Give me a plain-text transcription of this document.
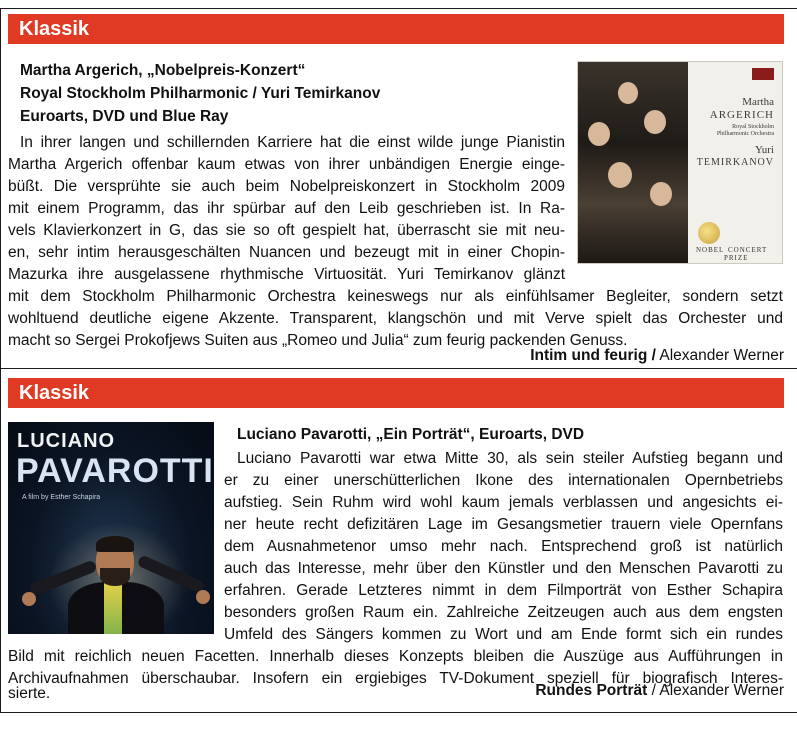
Klassik
Martha Argerich, „Nobelpreis-Konzert“
Royal Stockholm Philharmonic / Yuri Temirkanov
Euroarts, DVD und Blue Ray
In ihrer langen und schillernden Karriere hat die einst wilde junge Pianistin
Martha Argerich offenbar kaum etwas von ihrer unbändigen Energie einge-
büßt. Die versprühte sie auch beim Nobelpreiskonzert in Stockholm 2009
mit einem Programm, das ihr spürbar auf den Leib geschrieben ist. In Ra-
vels Klavierkonzert in G, das sie so oft gespielt hat, überrascht sie mit neu-
en, sehr intim herausgeschälten Nuancen und bezeugt mit in einer Chopin-
Mazurka ihre ausgelassene rhythmische Virtuosität. Yuri Temirkanov glänzt
mit dem Stockholm Philharmonic Orchestra keineswegs nur als einfühlsamer Begleiter, sondern setzt
wohltuend deutliche eigene Akzente. Transparent, klangschön und mit Verve spielt das Orchester und
macht so Sergei Prokofjews Suiten aus „Romeo und Julia“ zum feurig packenden Genuss.
Intim und feurig / Alexander Werner
Martha
ARGERICH
Royal Stockholm
Philharmonic Orchestra
Yuri
TEMIRKANOV
NOBEL
PRIZE
CONCERT
Klassik
LUCIANO
PAVAROTTI
A film by Esther Schapira
Luciano Pavarotti, „Ein Porträt“, Euroarts, DVD
Luciano Pavarotti war etwa Mitte 30, als sein steiler Aufstieg begann und
er zu einer unerschütterlichen Ikone des internationalen Opernbetriebs
aufstieg. Sein Ruhm wird wohl kaum jemals verblassen und angesichts ei-
ner heute recht defizitären Lage im Gesangsmetier trauern viele Opernfans
dem Ausnahmetenor umso mehr nach. Entsprechend groß ist natürlich
auch das Interesse, mehr über den Künstler und den Menschen Pavarotti zu
erfahren. Gerade Letzteres nimmt in dem Filmporträt von Esther Schapira
besonders großen Raum ein. Zahlreiche Zeitzeugen auch aus dem engsten
Umfeld des Sängers kommen zu Wort und am Ende formt sich ein rundes
Bild mit reichlich neuen Facetten. Innerhalb dieses Konzepts bleiben die Auszüge aus Aufführungen in
Archivaufnahmen überschaubar. Insofern ein ergiebiges TV-Dokument speziell für biografisch Interes-
sierte.	Rundes Porträt / Alexander Werner
